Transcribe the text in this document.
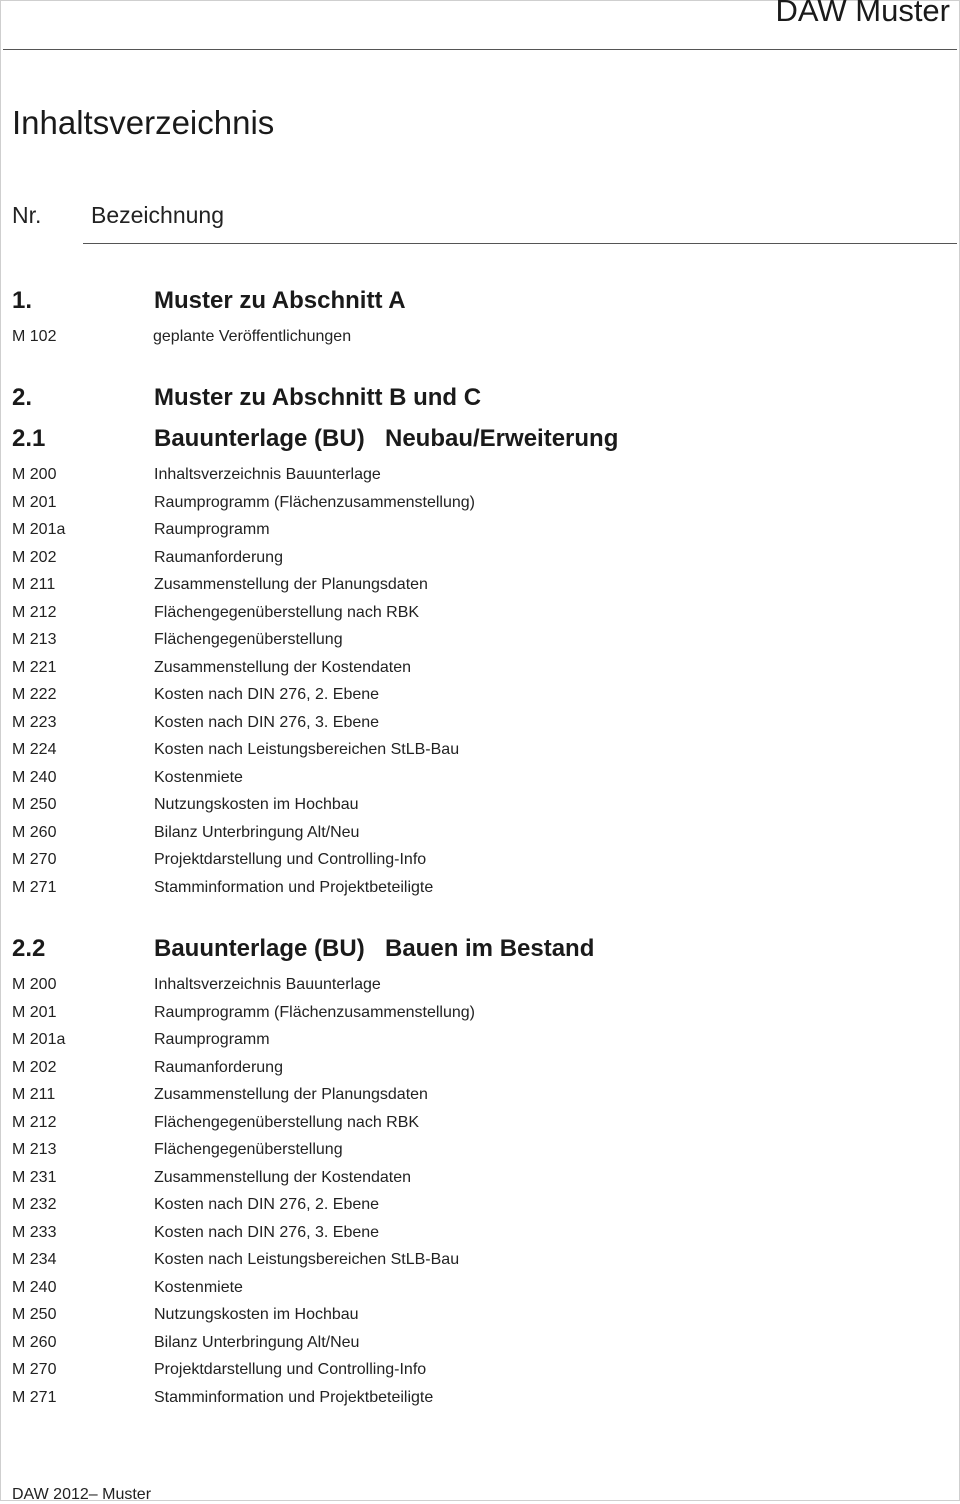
DAW Muster
Inhaltsverzeichnis
Nr. Bezeichnung
1.	Muster zu Abschnitt A
M 102	geplante Veröffentlichungen
2.	Muster zu Abschnitt B und C
2.1	Bauunterlage (BU) Neubau/Erweiterung
M 200	Inhaltsverzeichnis Bauunterlage
M 201	Raumprogramm (Flächenzusammenstellung)
M 201a	Raumprogramm
M 202	Raumanforderung
M 211	Zusammenstellung der Planungsdaten
M 212	Flächengegenüberstellung nach RBK
M 213	Flächengegenüberstellung
M 221	Zusammenstellung der Kostendaten
M 222	Kosten nach DIN 276, 2. Ebene
M 223	Kosten nach DIN 276, 3. Ebene
M 224	Kosten nach Leistungsbereichen StLB-Bau
M 240	Kostenmiete
M 250	Nutzungskosten im Hochbau
M 260	Bilanz Unterbringung Alt/Neu
M 270	Projektdarstellung und Controlling-Info
M 271	Stamminformation und Projektbeteiligte
2.2	Bauunterlage (BU) Bauen im Bestand
M 200	Inhaltsverzeichnis Bauunterlage
M 201	Raumprogramm (Flächenzusammenstellung)
M 201a	Raumprogramm
M 202	Raumanforderung
M 211	Zusammenstellung der Planungsdaten
M 212	Flächengegenüberstellung nach RBK
M 213	Flächengegenüberstellung
M 231	Zusammenstellung der Kostendaten
M 232	Kosten nach DIN 276, 2. Ebene
M 233	Kosten nach DIN 276, 3. Ebene
M 234	Kosten nach Leistungsbereichen StLB-Bau
M 240	Kostenmiete
M 250	Nutzungskosten im Hochbau
M 260	Bilanz Unterbringung Alt/Neu
M 270	Projektdarstellung und Controlling-Info
M 271	Stamminformation und Projektbeteiligte
DAW 2012– Muster
